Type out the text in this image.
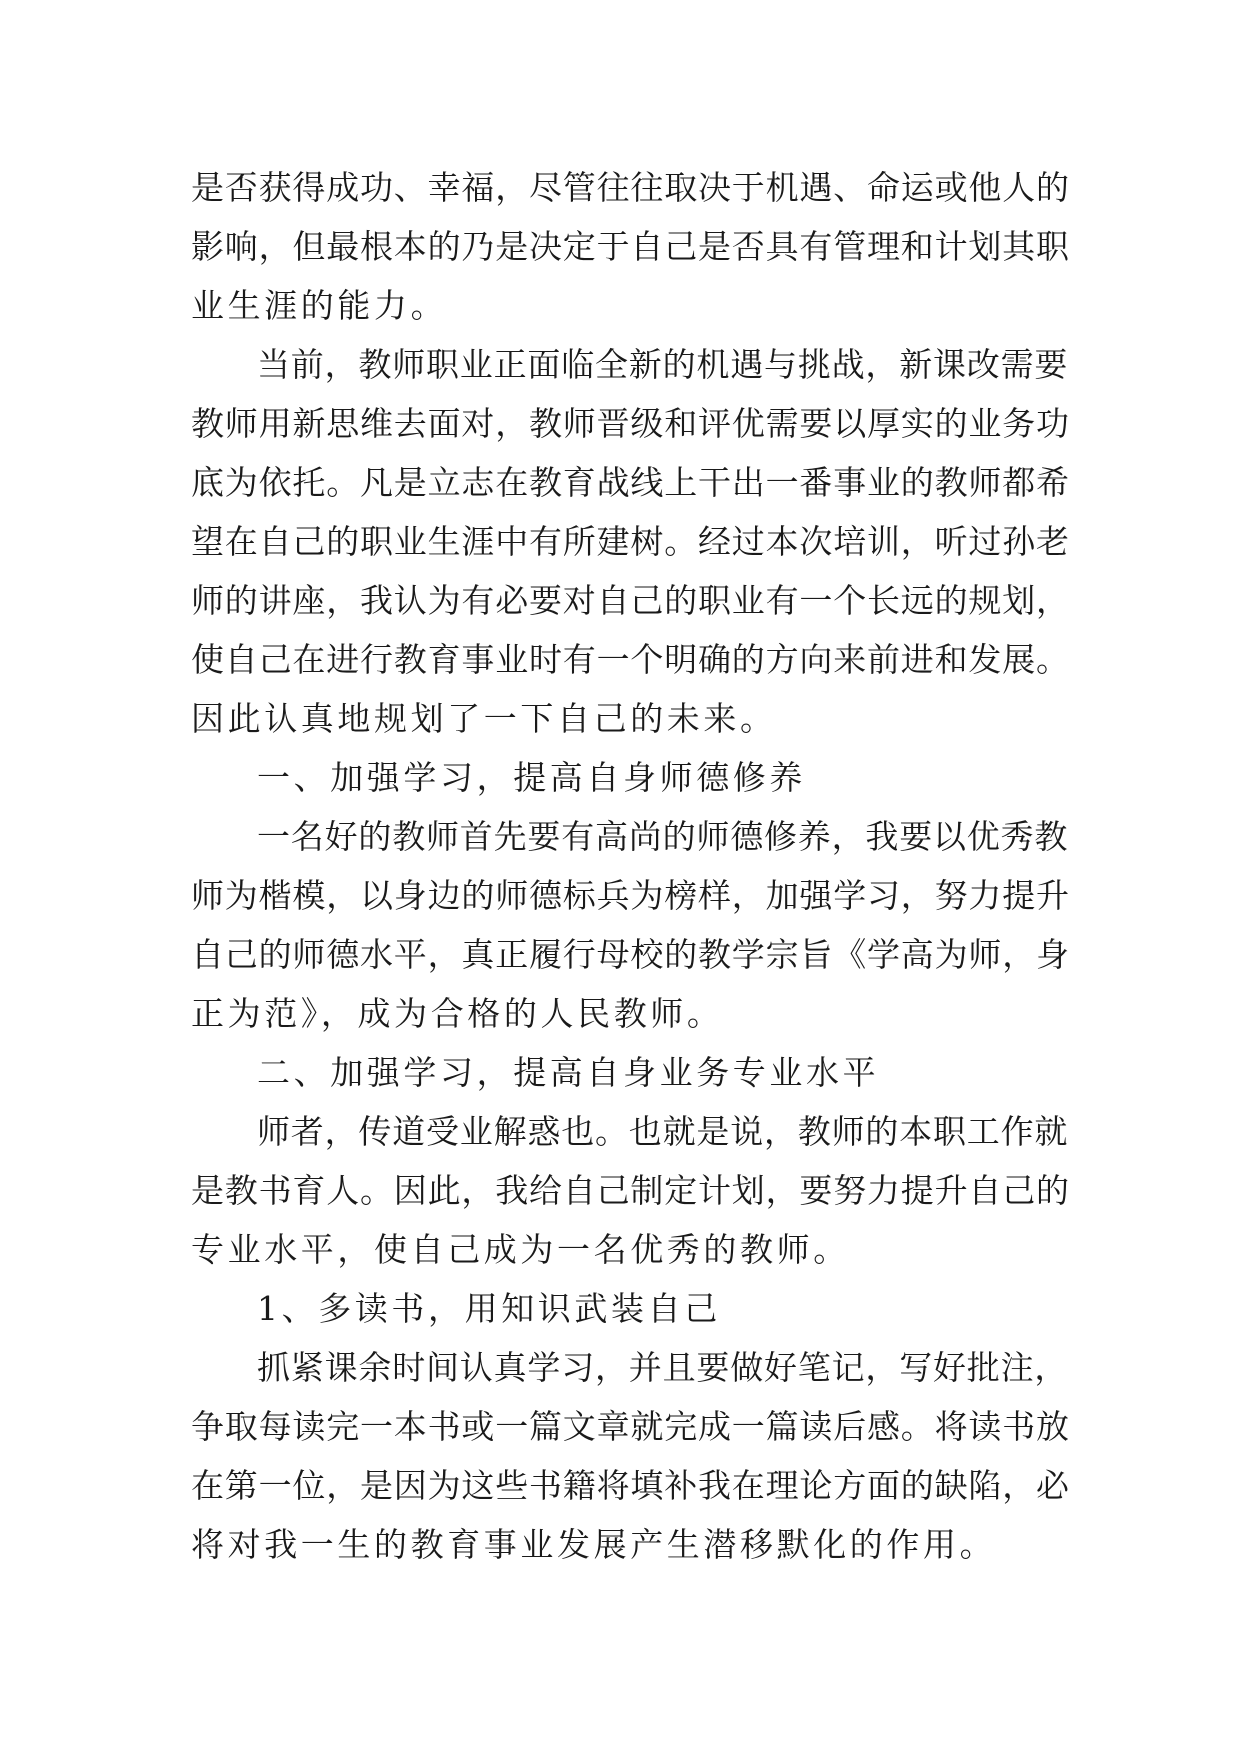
是否获得成功、幸福，尽管往往取决于机遇、命运或他人的
影响，但最根本的乃是决定于自己是否具有管理和计划其职
业生涯的能力。

当前，教师职业正面临全新的机遇与挑战，新课改需要
教师用新思维去面对，教师晋级和评优需要以厚实的业务功
底为依托。凡是立志在教育战线上干出一番事业的教师都希
望在自己的职业生涯中有所建树。经过本次培训，听过孙老
师的讲座，我认为有必要对自己的职业有一个长远的规划，
使自己在进行教育事业时有一个明确的方向来前进和发展。
因此认真地规划了一下自己的未来。

一、加强学习，提高自身师德修养

一名好的教师首先要有高尚的师德修养，我要以优秀教
师为楷模，以身边的师德标兵为榜样，加强学习，努力提升
自己的师德水平，真正履行母校的教学宗旨《学高为师，身
正为范》，成为合格的人民教师。

二、加强学习，提高自身业务专业水平

师者，传道受业解惑也。也就是说，教师的本职工作就
是教书育人。因此，我给自己制定计划，要努力提升自己的
专业水平，使自己成为一名优秀的教师。

1、多读书，用知识武装自己

抓紧课余时间认真学习，并且要做好笔记，写好批注，
争取每读完一本书或一篇文章就完成一篇读后感。将读书放
在第一位，是因为这些书籍将填补我在理论方面的缺陷，必
将对我一生的教育事业发展产生潜移默化的作用。
